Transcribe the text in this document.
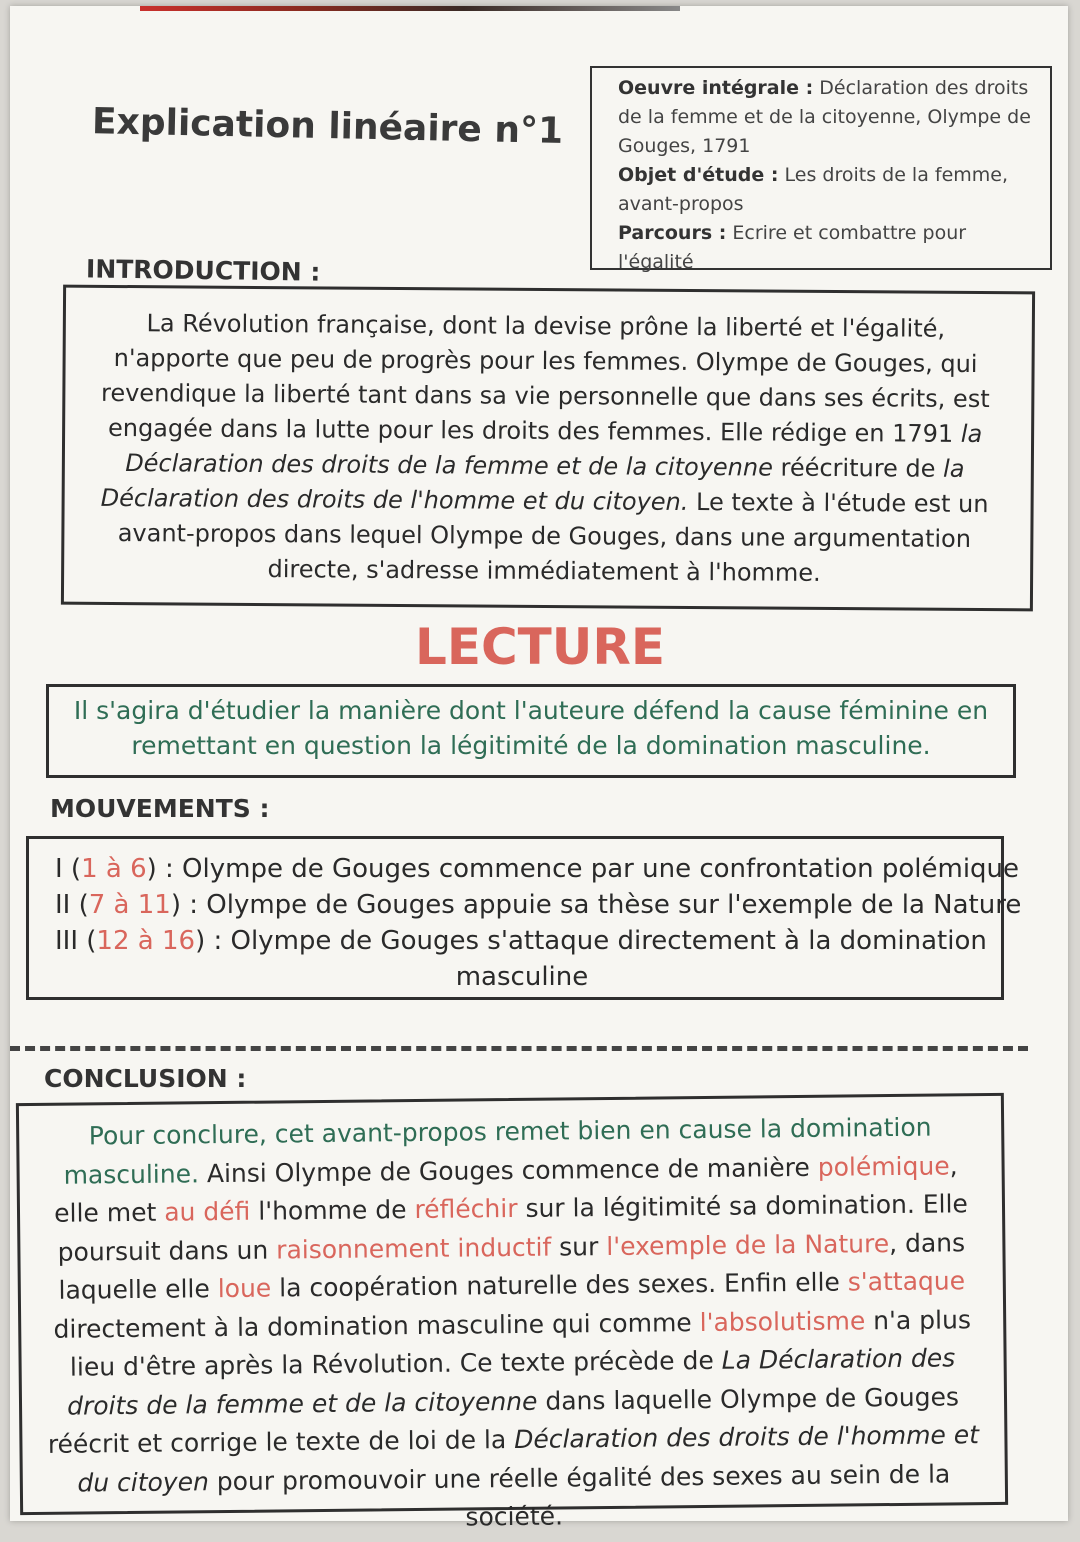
Explication linéaire n°1
Oeuvre intégrale : Déclaration des droits de la femme et de la citoyenne, Olympe de Gouges, 1791
Objet d'étude : Les droits de la femme, avant-propos
Parcours : Ecrire et combattre pour l'égalité
INTRODUCTION :
La Révolution française, dont la devise prône la liberté et l'égalité, n'apporte que peu de progrès pour les femmes. Olympe de Gouges, qui revendique la liberté tant dans sa vie personnelle que dans ses écrits, est engagée dans la lutte pour les droits des femmes. Elle rédige en 1791 la Déclaration des droits de la femme et de la citoyenne réécriture de la Déclaration des droits de l'homme et du citoyen. Le texte à l'étude est un avant-propos dans lequel Olympe de Gouges, dans une argumentation directe, s'adresse immédiatement à l'homme.
LECTURE
Il s'agira d'étudier la manière dont l'auteure défend la cause féminine en remettant en question la légitimité de la domination masculine.
MOUVEMENTS :
I (1 à 6) : Olympe de Gouges commence par une confrontation polémique
II (7 à 11) : Olympe de Gouges appuie sa thèse sur l'exemple de la Nature
III (12 à 16) : Olympe de Gouges s'attaque directement à la domination
masculine
CONCLUSION :
Pour conclure, cet avant-propos remet bien en cause la domination masculine. Ainsi Olympe de Gouges commence de manière polémique, elle met au défi l'homme de réfléchir sur la légitimité sa domination. Elle poursuit dans un raisonnement inductif sur l'exemple de la Nature, dans laquelle elle loue la coopération naturelle des sexes. Enfin elle s'attaque directement à la domination masculine qui comme l'absolutisme n'a plus lieu d'être après la Révolution. Ce texte précède de La Déclaration des droits de la femme et de la citoyenne dans laquelle Olympe de Gouges réécrit et corrige le texte de loi de la Déclaration des droits de l'homme et du citoyen pour promouvoir une réelle égalité des sexes au sein de la société.
